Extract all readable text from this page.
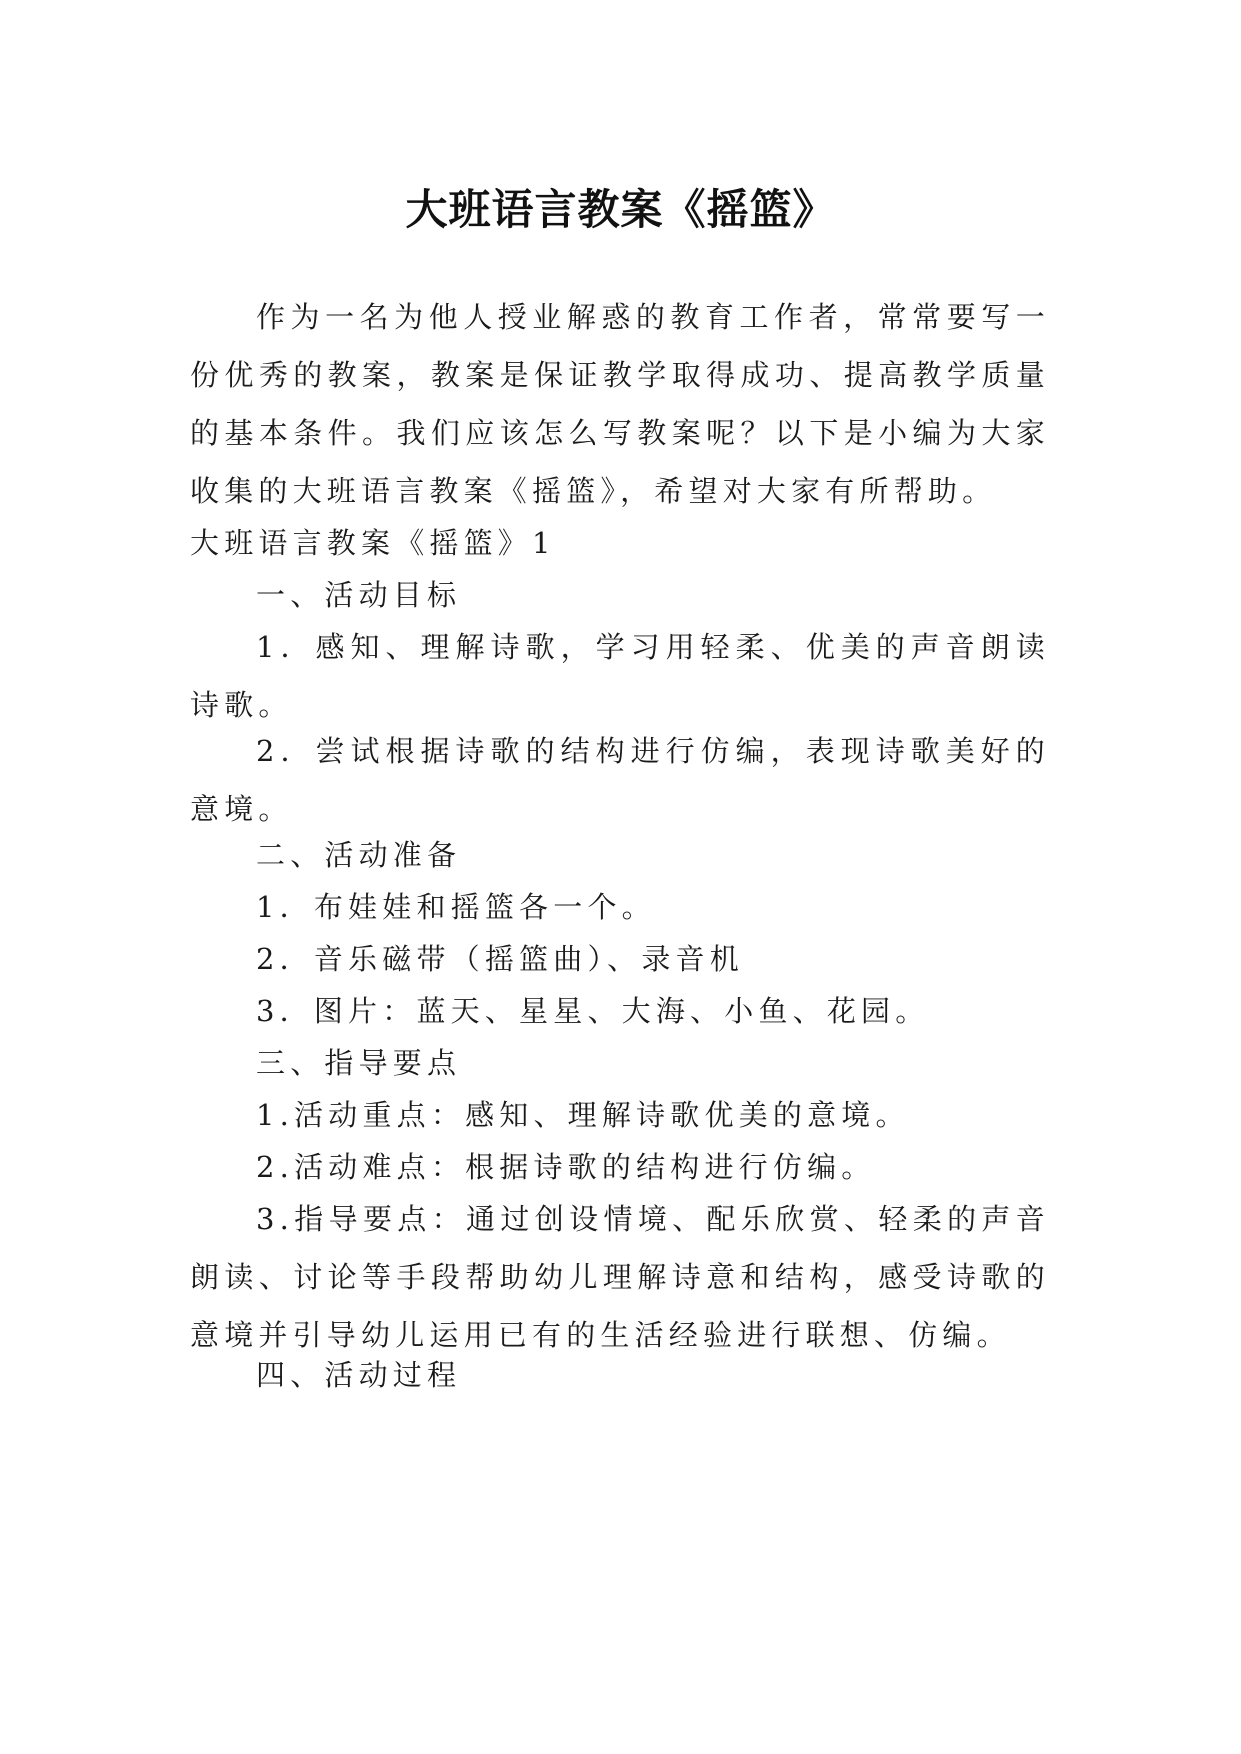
大班语言教案《摇篮》

作为一名为他人授业解惑的教育工作者，常常要写一份优秀的教案，教案是保证教学取得成功、提高教学质量的基本条件。我们应该怎么写教案呢？以下是小编为大家收集的大班语言教案《摇篮》，希望对大家有所帮助。

大班语言教案《摇篮》1

一、活动目标

1．感知、理解诗歌，学习用轻柔、优美的声音朗读诗歌。

2．尝试根据诗歌的结构进行仿编，表现诗歌美好的意境。

二、活动准备

1．布娃娃和摇篮各一个。

2．音乐磁带（摇篮曲）、录音机

3．图片：蓝天、星星、大海、小鱼、花园。

三、指导要点

1.活动重点：感知、理解诗歌优美的意境。

2.活动难点：根据诗歌的结构进行仿编。

3.指导要点：通过创设情境、配乐欣赏、轻柔的声音朗读、讨论等手段帮助幼儿理解诗意和结构，感受诗歌的意境并引导幼儿运用已有的生活经验进行联想、仿编。

四、活动过程
